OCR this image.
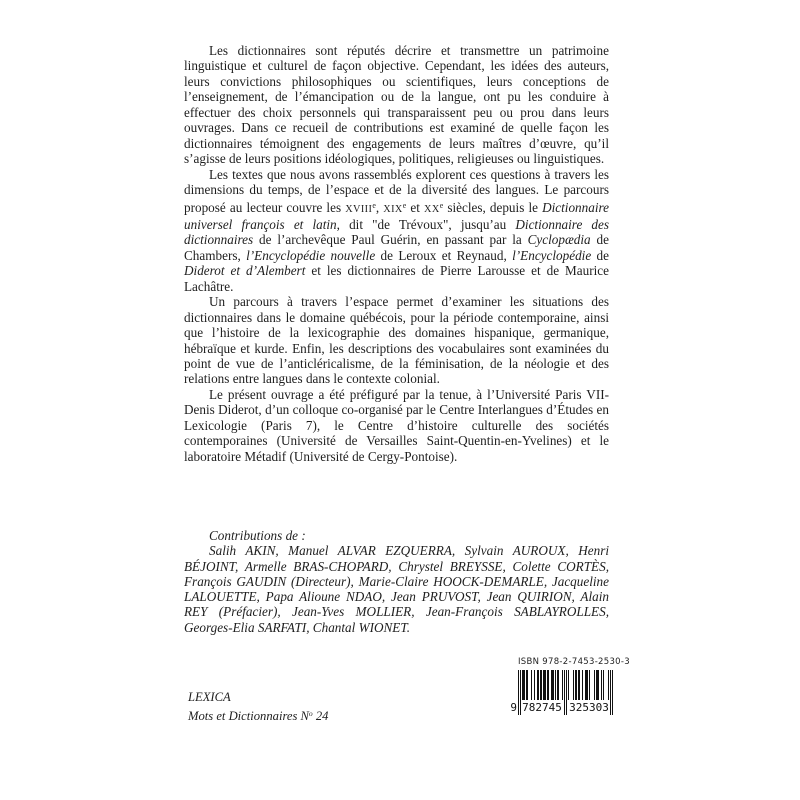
Les dictionnaires sont réputés décrire et transmettre un patrimoine linguistique et culturel de façon objective. Cependant, les idées des auteurs, leurs convictions philosophiques ou scientifiques, leurs conceptions de l’enseignement, de l’émancipation ou de la langue, ont pu les conduire à effectuer des choix personnels qui transparaissent peu ou prou dans leurs ouvrages. Dans ce recueil de contributions est examiné de quelle façon les dictionnaires témoignent des engagements de leurs maîtres d’œuvre, qu’il s’agisse de leurs positions idéologiques, politiques, religieuses ou linguistiques.

Les textes que nous avons rassemblés explorent ces questions à travers les dimensions du temps, de l’espace et de la diversité des langues. Le parcours proposé au lecteur couvre les XVIIIe, XIXe et XXe siècles, depuis le Dictionnaire universel françois et latin, dit "de Trévoux", jusqu’au Dictionnaire des dictionnaires de l’archevêque Paul Guérin, en passant par la Cyclopædia de Chambers, l’Encyclopédie nouvelle de Leroux et Reynaud, l’Encyclopédie de Diderot et d’Alembert et les dictionnaires de Pierre Larousse et de Maurice Lachâtre.

Un parcours à travers l’espace permet d’examiner les situations des dictionnaires dans le domaine québécois, pour la période contemporaine, ainsi que l’histoire de la lexicographie des domaines hispanique, germanique, hébraïque et kurde. Enfin, les descriptions des vocabulaires sont examinées du point de vue de l’anticléricalisme, de la féminisation, de la néologie et des relations entre langues dans le contexte colonial.

Le présent ouvrage a été préfiguré par la tenue, à l’Université Paris VII-Denis Diderot, d’un colloque co-organisé par le Centre Interlangues d’Études en Lexicologie (Paris 7), le Centre d’histoire culturelle des sociétés contemporaines (Université de Versailles Saint-Quentin-en-Yvelines) et le laboratoire Métadif (Université de Cergy-Pontoise).

Contributions de :

Salih AKIN, Manuel ALVAR EZQUERRA, Sylvain AUROUX, Henri BÉJOINT, Armelle BRAS-CHOPARD, Chrystel BREYSSE, Colette CORTÈS, François GAUDIN (Directeur), Marie-Claire HOOCK-DEMARLE, Jacqueline LALOUETTE, Papa Alioune NDAO, Jean PRUVOST, Jean QUIRION, Alain REY (Préfacier), Jean-Yves MOLLIER, Jean-François SABLAYROLLES, Georges-Elia SARFATI, Chantal WIONET.

LEXICA
Mots et Dictionnaires $N^o$ 24
ISBN 978-2-7453-2530-3
9 782745 325303
